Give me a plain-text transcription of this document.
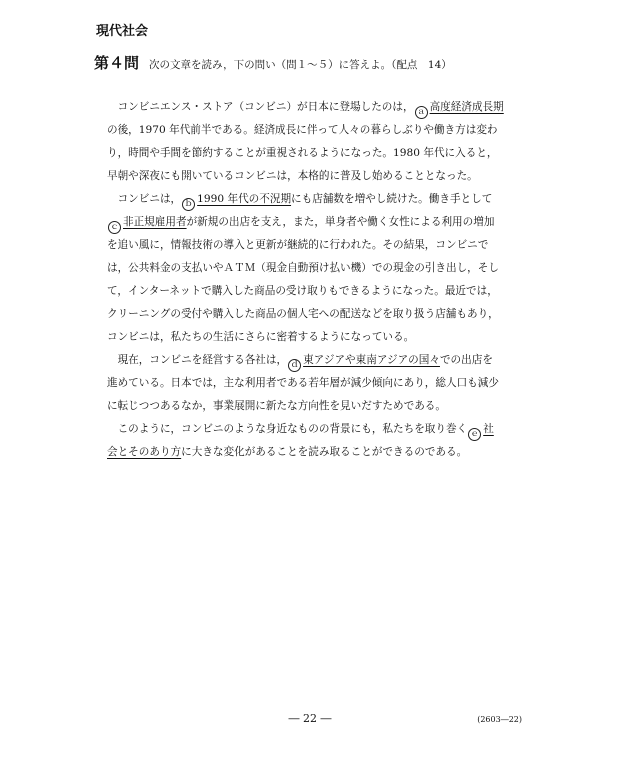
現代社会
第４問 次の文章を読み，下の問い（問１～５）に答えよ。（配点　14）
　コンビニエンス・ストア（コンビニ）が日本に登場したのは， ａ 高度経済成長期
の後，1970 年代前半である。経済成長に伴って人々の暮らしぶりや働き方は変わ
り，時間や手間を節約することが重視されるようになった。1980 年代に入ると，
早朝や深夜にも開いているコンビニは，本格的に普及し始めることとなった。
　コンビニは， ｂ 1990 年代の不況期にも店舗数を増やし続けた。働き手として
ｃ 非正規雇用者が新規の出店を支え，また，単身者や働く女性による利用の増加
を追い風に，情報技術の導入と更新が継続的に行われた。その結果，コンビニで
は，公共料金の支払いやＡＴＭ（現金自動預け払い機）での現金の引き出し，そし
て，インターネットで購入した商品の受け取りもできるようになった。最近では，
クリーニングの受付や購入した商品の個人宅への配送などを取り扱う店舗もあり，
コンビニは，私たちの生活にさらに密着するようになっている。
　現在，コンビニを経営する各社は， ｄ 東アジアや東南アジアの国々での出店を
進めている。日本では，主な利用者である若年層が減少傾向にあり，総人口も減少
に転じつつあるなか，事業展開に新たな方向性を見いだすためである。
　このように，コンビニのような身近なものの背景にも，私たちを取り巻く ｅ 社
会とそのあり方に大きな変化があることを読み取ることができるのである。
― 22 ―	(2603―22)
